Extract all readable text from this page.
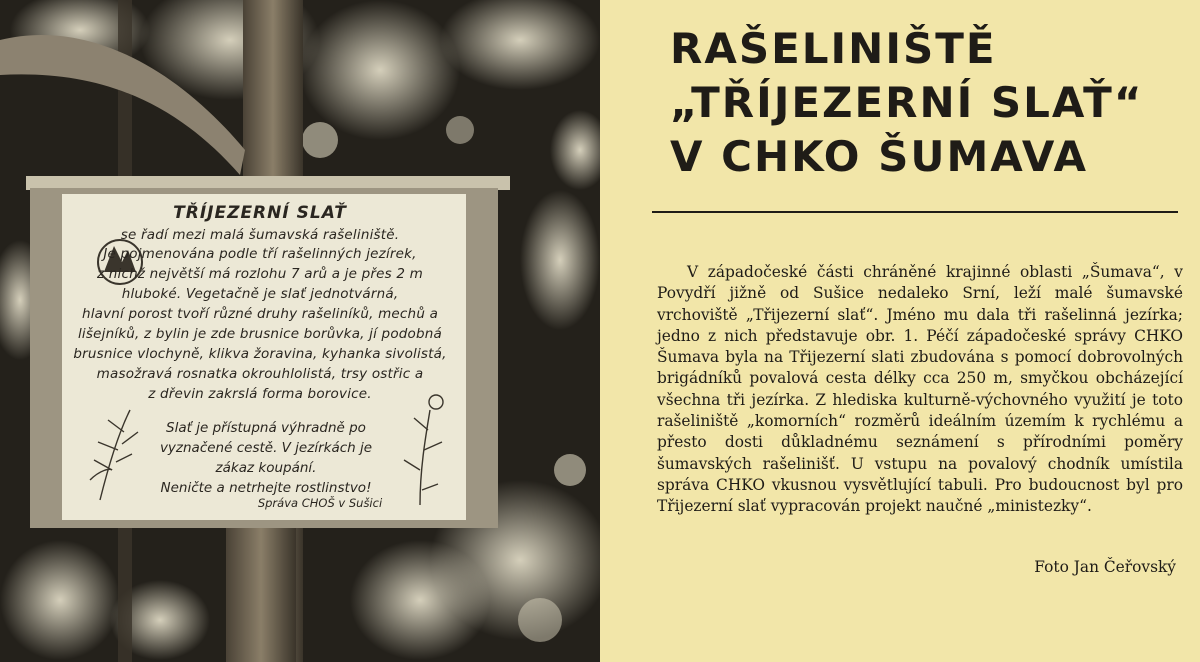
TŘÍJEZERNÍ SLAŤ
se řadí mezi malá šumavská rašeliniště.
Je pojmenována podle tří rašelinných jezírek,
z nichž největší má rozlohu 7 arů a je přes 2 m
hluboké. Vegetačně je slať jednotvárná,
hlavní porost tvoří různé druhy rašeliníků, mechů a
lišejníků, z bylin je zde brusnice borůvka, jí podobná
brusnice vlochyně, klikva žoravina, kyhanka sivolistá,
masožravá rosnatka okrouhlolistá, trsy ostřic a
z dřevin zakrslá forma borovice.
Slať je přístupná výhradně po
vyznačené cestě. V jezírkách je
zákaz koupání.
Neničte a netrhejte rostlinstvo!
Správa CHOŠ v Sušici
RAŠELINIŠTĚ
„TŘÍJEZERNÍ SLAŤ“
V CHKO ŠUMAVA

V západočeské části chráněné krajinné oblasti „Šumava“, v Povydří jižně od Sušice nedaleko Srní, leží malé šumavské vrchoviště „Třijezerní slať“. Jméno mu dala tři rašelinná jezírka; jedno z nich představuje obr. 1. Péčí západočeské správy CHKO Šumava byla na Třijezerní slati zbudována s pomocí dobrovolných brigádníků povalová cesta délky cca 250 m, smyčkou obcházející všechna tři jezírka. Z hlediska kulturně-výchovného využití je toto rašeliniště „komorních“ rozměrů ideálním územím k rychlému a přesto dosti důkladnému seznámení s přírodními poměry šumavských rašelinišť. U vstupu na povalový chodník umístila správa CHKO vkusnou vysvětlující tabuli. Pro budoucnost byl pro Třijezerní slať vypracován projekt naučné „ministezky“.

Foto Jan Čeřovský
